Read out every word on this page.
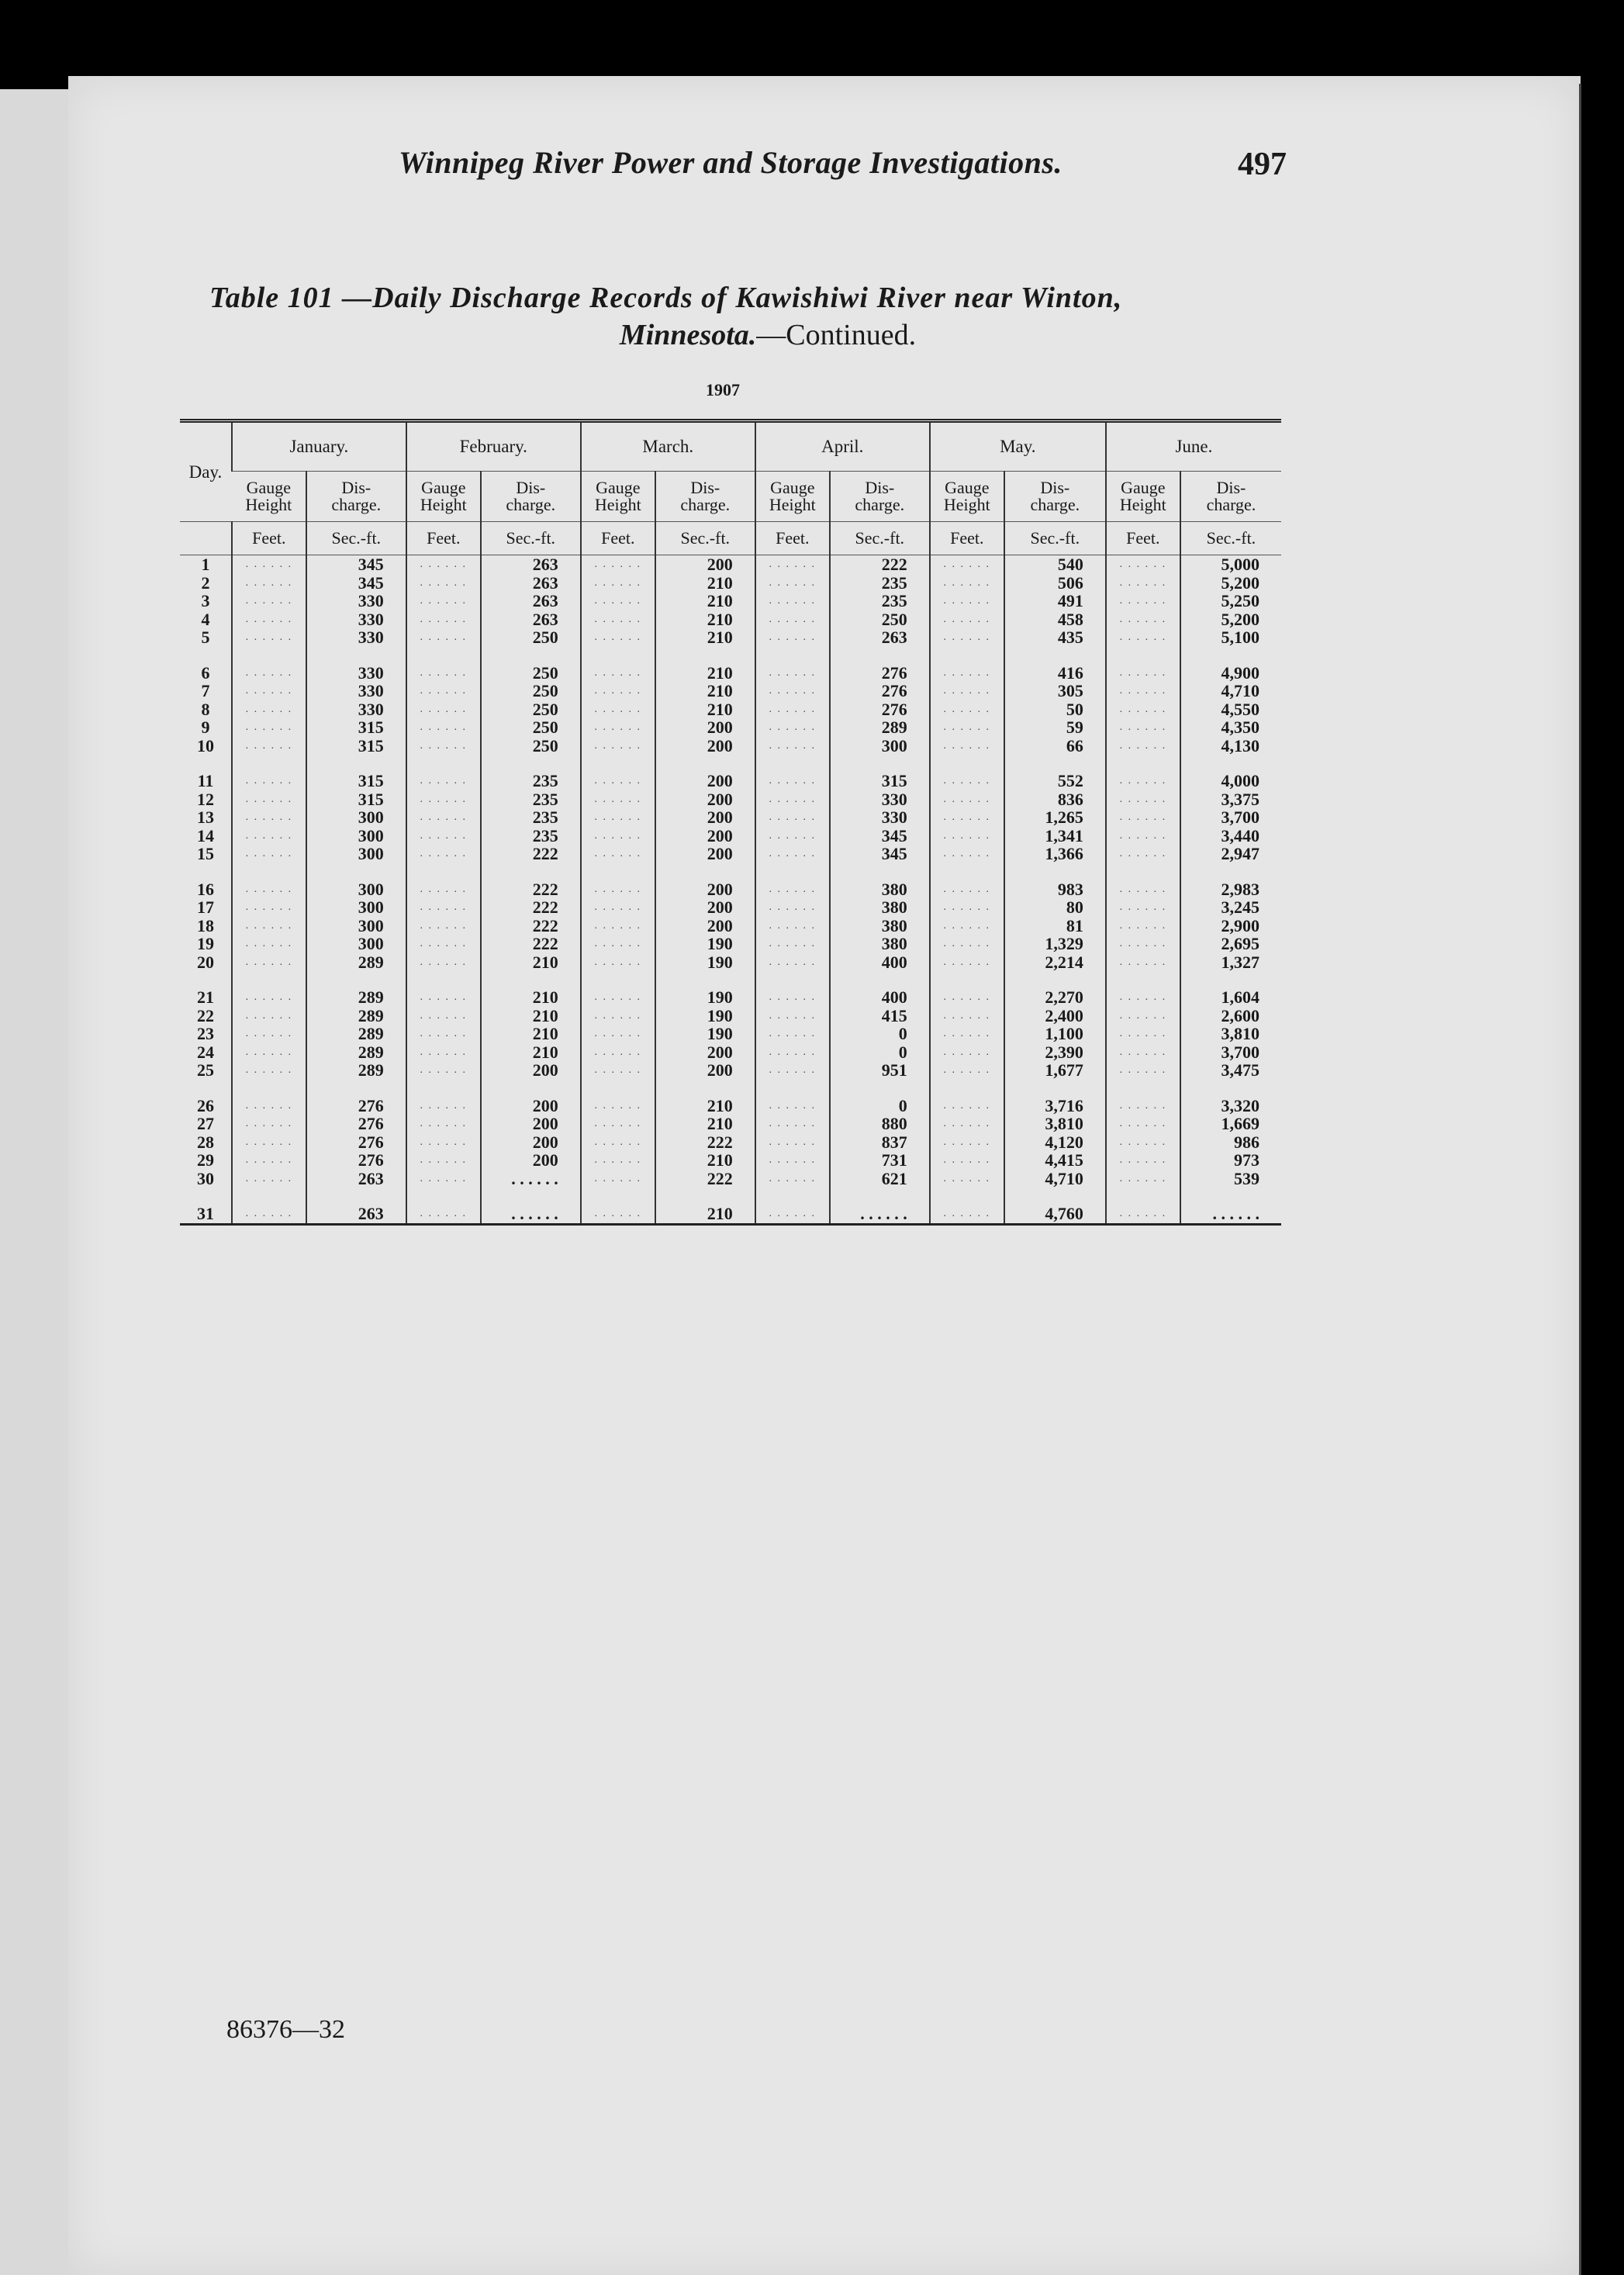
Winnipeg River Power and Storage Investigations.	497
Table 101 —Daily Discharge Records of Kawishiwi River near Winton,
Minnesota.—Continued.
1907
Day.	January.		February.		March.		April.		May.		June.	
	Gauge
Height	Dis-
charge.	Gauge
Height	Dis-
charge.	Gauge
Height	Dis-
charge.	Gauge
Height	Dis-
charge.	Gauge
Height	Dis-
charge.	Gauge
Height	Dis-
charge.
	Feet.	Sec.-ft.	Feet.	Sec.-ft.	Feet.	Sec.-ft.	Feet.	Sec.-ft.	Feet.	Sec.-ft.	Feet.	Sec.-ft.
1	. . . . . .	345	. . . . . .	263	. . . . . .	200	. . . . . .	222	. . . . . .	540	. . . . . .	5,000
2	. . . . . .	345	. . . . . .	263	. . . . . .	210	. . . . . .	235	. . . . . .	506	. . . . . .	5,200
3	. . . . . .	330	. . . . . .	263	. . . . . .	210	. . . . . .	235	. . . . . .	491	. . . . . .	5,250
4	. . . . . .	330	. . . . . .	263	. . . . . .	210	. . . . . .	250	. . . . . .	458	. . . . . .	5,200
5	. . . . . .	330	. . . . . .	250	. . . . . .	210	. . . . . .	263	. . . . . .	435	. . . . . .	5,100

6	. . . . . .	330	. . . . . .	250	. . . . . .	210	. . . . . .	276	. . . . . .	416	. . . . . .	4,900
7	. . . . . .	330	. . . . . .	250	. . . . . .	210	. . . . . .	276	. . . . . .	305	. . . . . .	4,710
8	. . . . . .	330	. . . . . .	250	. . . . . .	210	. . . . . .	276	. . . . . .	50	. . . . . .	4,550
9	. . . . . .	315	. . . . . .	250	. . . . . .	200	. . . . . .	289	. . . . . .	59	. . . . . .	4,350
10	. . . . . .	315	. . . . . .	250	. . . . . .	200	. . . . . .	300	. . . . . .	66	. . . . . .	4,130

11	. . . . . .	315	. . . . . .	235	. . . . . .	200	. . . . . .	315	. . . . . .	552	. . . . . .	4,000
12	. . . . . .	315	. . . . . .	235	. . . . . .	200	. . . . . .	330	. . . . . .	836	. . . . . .	3,375
13	. . . . . .	300	. . . . . .	235	. . . . . .	200	. . . . . .	330	. . . . . .	1,265	. . . . . .	3,700
14	. . . . . .	300	. . . . . .	235	. . . . . .	200	. . . . . .	345	. . . . . .	1,341	. . . . . .	3,440
15	. . . . . .	300	. . . . . .	222	. . . . . .	200	. . . . . .	345	. . . . . .	1,366	. . . . . .	2,947

16	. . . . . .	300	. . . . . .	222	. . . . . .	200	. . . . . .	380	. . . . . .	983	. . . . . .	2,983
17	. . . . . .	300	. . . . . .	222	. . . . . .	200	. . . . . .	380	. . . . . .	80	. . . . . .	3,245
18	. . . . . .	300	. . . . . .	222	. . . . . .	200	. . . . . .	380	. . . . . .	81	. . . . . .	2,900
19	. . . . . .	300	. . . . . .	222	. . . . . .	190	. . . . . .	380	. . . . . .	1,329	. . . . . .	2,695
20	. . . . . .	289	. . . . . .	210	. . . . . .	190	. . . . . .	400	. . . . . .	2,214	. . . . . .	1,327

21	. . . . . .	289	. . . . . .	210	. . . . . .	190	. . . . . .	400	. . . . . .	2,270	. . . . . .	1,604
22	. . . . . .	289	. . . . . .	210	. . . . . .	190	. . . . . .	415	. . . . . .	2,400	. . . . . .	2,600
23	. . . . . .	289	. . . . . .	210	. . . . . .	190	. . . . . .	0	. . . . . .	1,100	. . . . . .	3,810
24	. . . . . .	289	. . . . . .	210	. . . . . .	200	. . . . . .	0	. . . . . .	2,390	. . . . . .	3,700
25	. . . . . .	289	. . . . . .	200	. . . . . .	200	. . . . . .	951	. . . . . .	1,677	. . . . . .	3,475

26	. . . . . .	276	. . . . . .	200	. . . . . .	210	. . . . . .	0	. . . . . .	3,716	. . . . . .	3,320
27	. . . . . .	276	. . . . . .	200	. . . . . .	210	. . . . . .	880	. . . . . .	3,810	. . . . . .	1,669
28	. . . . . .	276	. . . . . .	200	. . . . . .	222	. . . . . .	837	. . . . . .	4,120	. . . . . .	986
29	. . . . . .	276	. . . . . .	200	. . . . . .	210	. . . . . .	731	. . . . . .	4,415	. . . . . .	973
30	. . . . . .	263	. . . . . .	. . . . . .	. . . . . .	222	. . . . . .	621	. . . . . .	4,710	. . . . . .	539

31	. . . . . .	263	. . . . . .	. . . . . .	. . . . . .	210	. . . . . .	. . . . . .	. . . . . .	4,760	. . . . . .	. . . . . .
86376—32
